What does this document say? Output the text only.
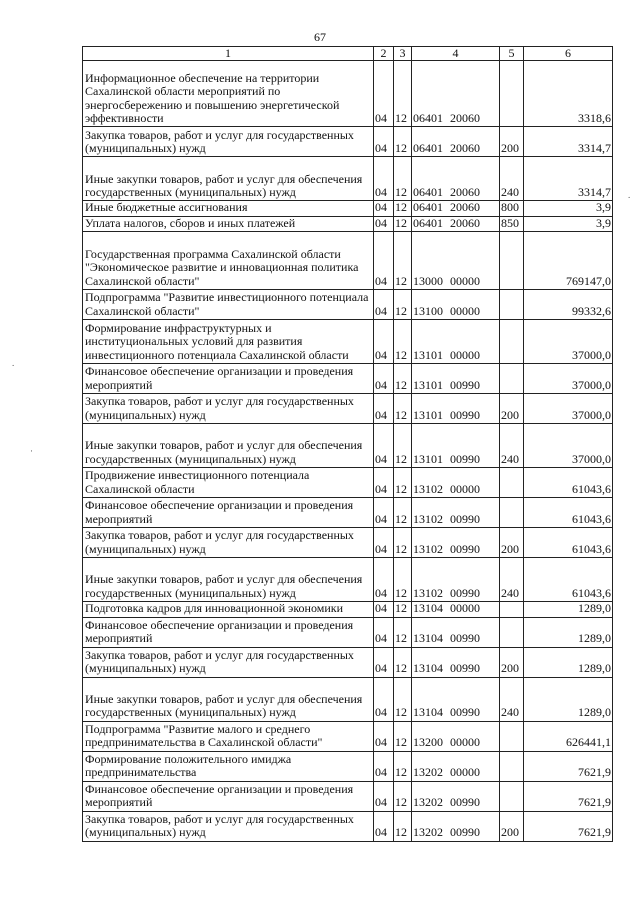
67
1	2	3	4	5	6
Информационное обеспечение на территории Сахалинской области мероприятий по энергосбережению и повышению энергетической эффективности	04	12	06401 20060		3318,6
Закупка товаров, работ и услуг для государственных (муниципальных) нужд	04	12	06401 20060	200	3314,7
Иные закупки товаров, работ и услуг для обеспечения государственных (муниципальных) нужд	04	12	06401 20060	240	3314,7
Иные бюджетные ассигнования	04	12	06401 20060	800	3,9
Уплата налогов, сборов и иных платежей	04	12	06401 20060	850	3,9
Государственная программа Сахалинской области "Экономическое развитие и инновационная политика Сахалинской области"	04	12	13000 00000		769147,0
Подпрограмма "Развитие инвестиционного потенциала Сахалинской области"	04	12	13100 00000		99332,6
Формирование инфраструктурных и институциональных условий для развития инвестиционного потенциала Сахалинской области	04	12	13101 00000		37000,0
Финансовое обеспечение организации и проведения мероприятий	04	12	13101 00990		37000,0
Закупка товаров, работ и услуг для государственных (муниципальных) нужд	04	12	13101 00990	200	37000,0
Иные закупки товаров, работ и услуг для обеспечения государственных (муниципальных) нужд	04	12	13101 00990	240	37000,0
Продвижение инвестиционного потенциала Сахалинской области	04	12	13102 00000		61043,6
Финансовое обеспечение организации и проведения мероприятий	04	12	13102 00990		61043,6
Закупка товаров, работ и услуг для государственных (муниципальных) нужд	04	12	13102 00990	200	61043,6
Иные закупки товаров, работ и услуг для обеспечения государственных (муниципальных) нужд	04	12	13102 00990	240	61043,6
Подготовка кадров для инновационной экономики	04	12	13104 00000		1289,0
Финансовое обеспечение организации и проведения мероприятий	04	12	13104 00990		1289,0
Закупка товаров, работ и услуг для государственных (муниципальных) нужд	04	12	13104 00990	200	1289,0
Иные закупки товаров, работ и услуг для обеспечения государственных (муниципальных) нужд	04	12	13104 00990	240	1289,0
Подпрограмма "Развитие малого и среднего предпринимательства в Сахалинской области"	04	12	13200 00000		626441,1
Формирование положительного имиджа предпринимательства	04	12	13202 00000		7621,9
Финансовое обеспечение организации и проведения мероприятий	04	12	13202 00990		7621,9
Закупка товаров, работ и услуг для государственных (муниципальных) нужд	04	12	13202 00990	200	7621,9
.
.
·
